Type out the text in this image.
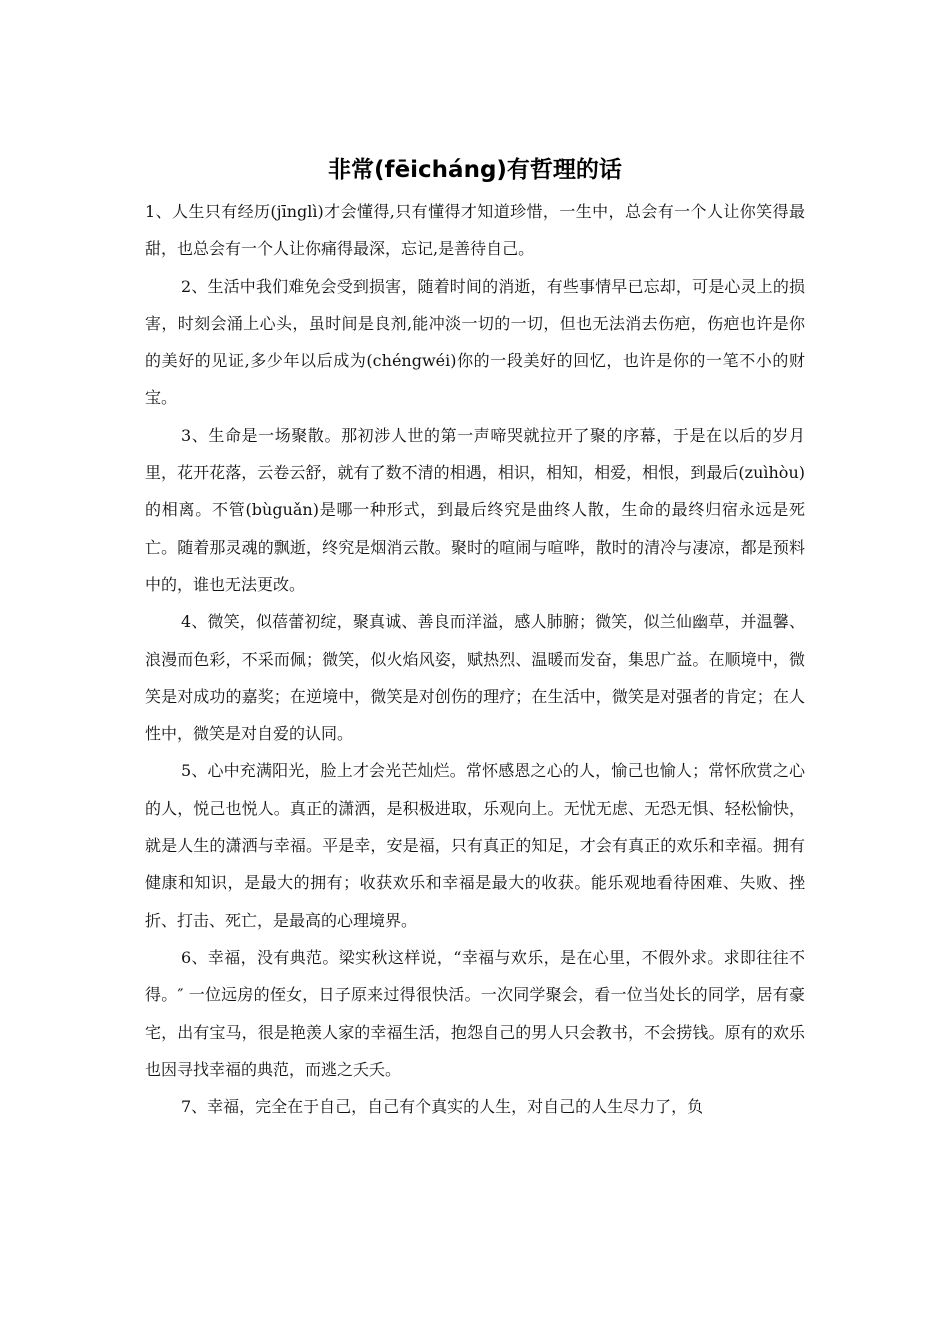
非常(fēicháng)有哲理的话

1、人生只有经历(jīnglì)才会懂得,只有懂得才知道珍惜，一生中，总会有一个人让你笑得最甜，也总会有一个人让你痛得最深，忘记,是善待自己。

2、生活中我们难免会受到损害，随着时间的消逝，有些事情早已忘却，可是心灵上的损害，时刻会涌上心头，虽时间是良剂,能冲淡一切的一切，但也无法消去伤疤，伤疤也许是你的美好的见证,多少年以后成为(chéngwéi)你的一段美好的回忆，也许是你的一笔不小的财宝。

3、生命是一场聚散。那初涉人世的第一声啼哭就拉开了聚的序幕，于是在以后的岁月里，花开花落，云卷云舒，就有了数不清的相遇，相识，相知，相爱，相恨，到最后(zuìhòu)的相离。不管(bùguǎn)是哪一种形式，到最后终究是曲终人散，生命的最终归宿永远是死亡。随着那灵魂的飘逝，终究是烟消云散。聚时的喧闹与喧哗，散时的清冷与凄凉，都是预料中的，谁也无法更改。

4、微笑，似蓓蕾初绽，聚真诚、善良而洋溢，感人肺腑；微笑，似兰仙幽草，并温馨、浪漫而色彩，不采而佩；微笑，似火焰风姿，赋热烈、温暖而发奋，集思广益。在顺境中，微笑是对成功的嘉奖；在逆境中，微笑是对创伤的理疗；在生活中，微笑是对强者的肯定；在人性中，微笑是对自爱的认同。

5、心中充满阳光，脸上才会光芒灿烂。常怀感恩之心的人，愉己也愉人；常怀欣赏之心的人，悦己也悦人。真正的潇洒，是积极进取，乐观向上。无忧无虑、无恐无惧、轻松愉快，就是人生的潇洒与幸福。平是幸，安是福，只有真正的知足，才会有真正的欢乐和幸福。拥有健康和知识，是最大的拥有；收获欢乐和幸福是最大的收获。能乐观地看待困难、失败、挫折、打击、死亡，是最高的心理境界。

6、幸福，没有典范。梁实秋这样说，“幸福与欢乐，是在心里，不假外求。求即往往不得。″ 一位远房的侄女，日子原来过得很快活。一次同学聚会，看一位当处长的同学，居有豪宅，出有宝马，很是艳羡人家的幸福生活，抱怨自己的男人只会教书，不会捞钱。原有的欢乐也因寻找幸福的典范，而逃之夭夭。

7、幸福，完全在于自己，自己有个真实的人生，对自己的人生尽力了，负
